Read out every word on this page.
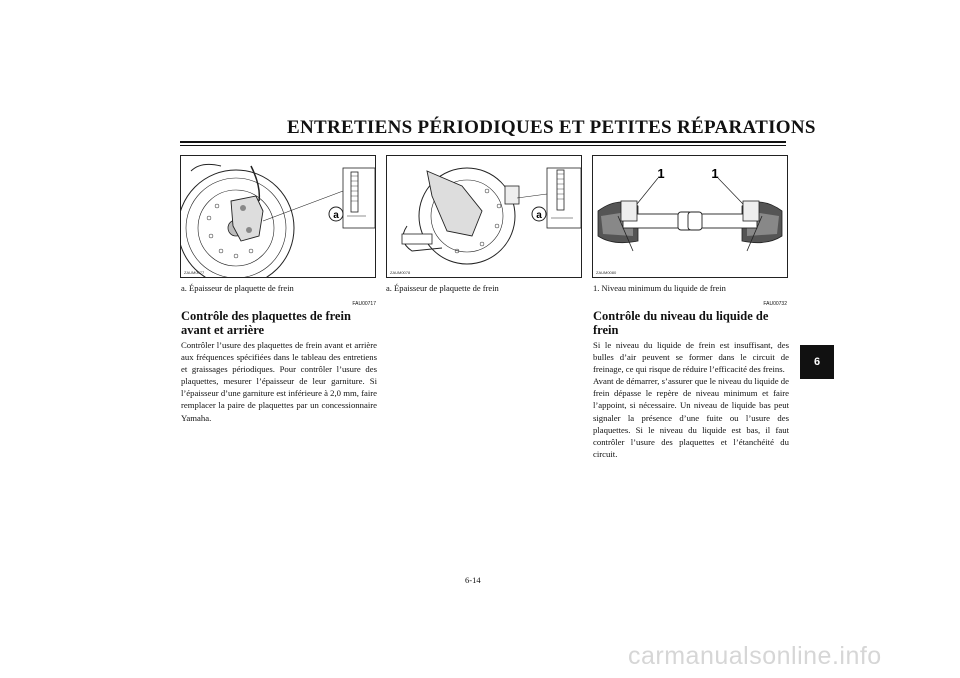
ENTRETIENS PÉRIODIQUES ET PETITES RÉPARATIONS
a
ZAUM0077
a
ZAUM0078
1	1
ZAUM0080
a. Épaisseur de plaquette de frein	a. Épaisseur de plaquette de frein	1. Niveau minimum du liquide de frein
FAU00717
Contrôle des plaquettes de frein
avant et arrière

Contrôler l’usure des plaquettes de frein avant et arrière aux fréquences spécifiées dans le tableau des entretiens et graissages périodiques. Pour contrôler l’usure des plaquettes, mesurer l’épaisseur de leur garniture. Si l’épaisseur d’une garniture est inférieure à 2,0 mm, faire remplacer la paire de plaquettes par un concessionnaire Yamaha.

FAU00732
Contrôle du niveau du liquide de
frein

Si le niveau du liquide de frein est insuffisant, des bulles d’air peuvent se former dans le circuit de freinage, ce qui risque de réduire l’efficacité des freins.

Avant de démarrer, s’assurer que le niveau du liquide de frein dépasse le repère de niveau minimum et faire l’appoint, si nécessaire. Un niveau de liquide bas peut signaler la présence d’une fuite ou l’usure des plaquettes. Si le niveau du liquide est bas, il faut contrôler l’usure des plaquettes et l’étanchéité du circuit.

6
6-14
carmanualsonline.info
